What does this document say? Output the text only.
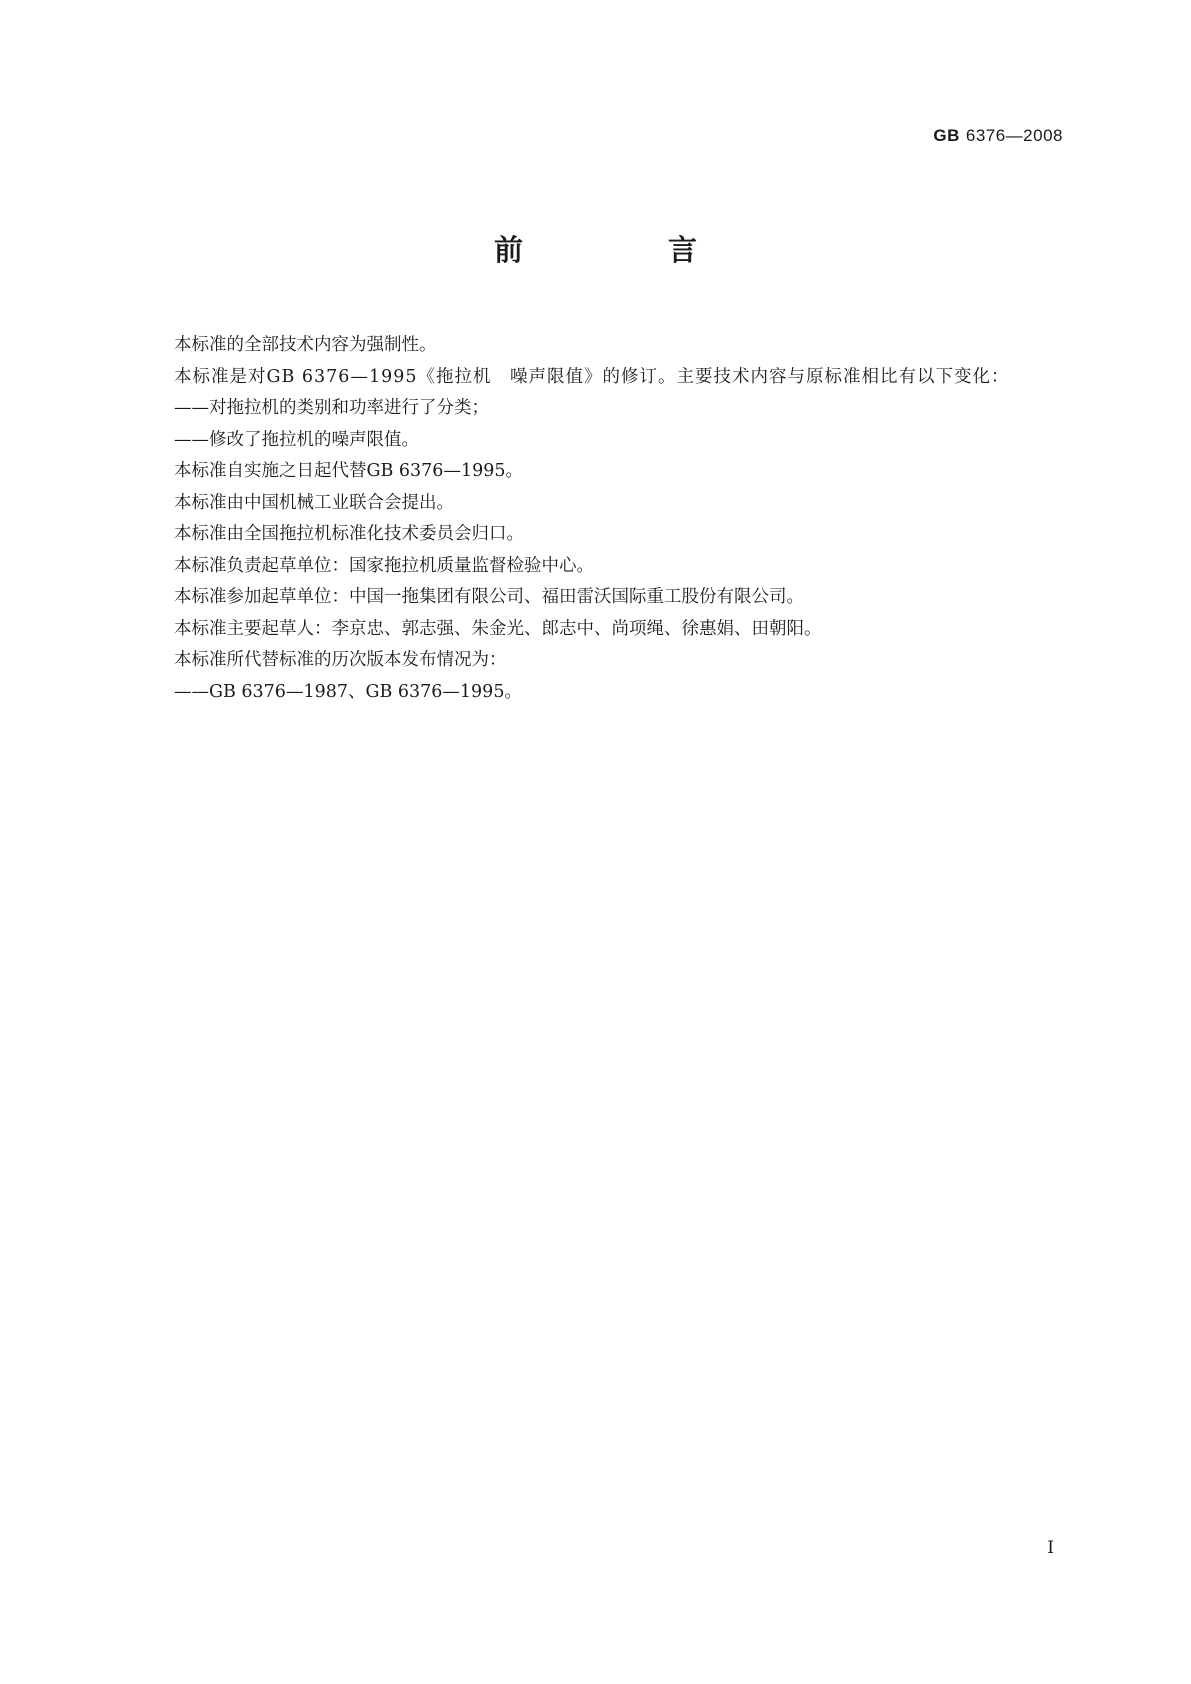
GB 6376—2008
前　言

本标准的全部技术内容为强制性。

本标准是对GB 6376—1995《拖拉机　噪声限值》的修订。主要技术内容与原标准相比有以下变化：

——对拖拉机的类别和功率进行了分类；

——修改了拖拉机的噪声限值。

本标准自实施之日起代替GB 6376—1995。

本标准由中国机械工业联合会提出。

本标准由全国拖拉机标准化技术委员会归口。

本标准负责起草单位：国家拖拉机质量监督检验中心。

本标准参加起草单位：中国一拖集团有限公司、福田雷沃国际重工股份有限公司。

本标准主要起草人：李京忠、郭志强、朱金光、郎志中、尚项绳、徐惠娟、田朝阳。

本标准所代替标准的历次版本发布情况为：

——GB 6376—1987、GB 6376—1995。

I
